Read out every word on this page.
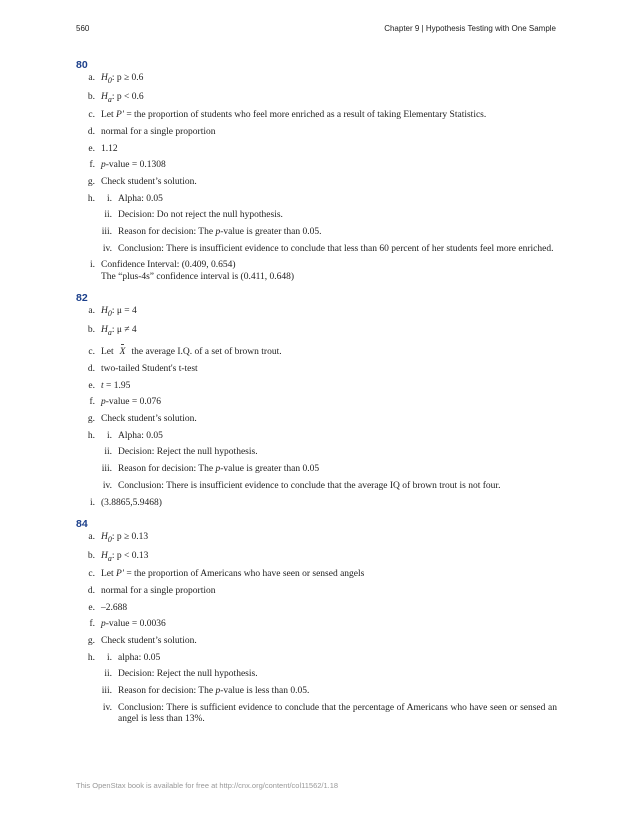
560	Chapter 9 | Hypothesis Testing with One Sample
80
a. $H_0$: p ≥ 0.6
b. $H_a$: p < 0.6
c. Let P′ = the proportion of students who feel more enriched as a result of taking Elementary Statistics.
d. normal for a single proportion
e. 1.12
f. p-value = 0.1308
g. Check student’s solution.
h.	i. Alpha: 0.05
ii. Decision: Do not reject the null hypothesis.
iii. Reason for decision: The p-value is greater than 0.05.
iv. Conclusion: There is insufficient evidence to conclude that less than 60 percent of her students feel more enriched.
i. Confidence Interval: (0.409, 0.654)
The “plus-4s” confidence interval is (0.411, 0.648)
82
a. $H_0$: μ = 4
b. $H_a$: μ ≠ 4
c. Let X the average I.Q. of a set of brown trout.
d. two-tailed Student's t-test
e. t = 1.95
f. p-value = 0.076
g. Check student’s solution.
h.	i. Alpha: 0.05
ii. Decision: Reject the null hypothesis.
iii. Reason for decision: The p-value is greater than 0.05
iv. Conclusion: There is insufficient evidence to conclude that the average IQ of brown trout is not four.
i. (3.8865,5.9468)
84
a. $H_0$: p ≥ 0.13
b. $H_a$: p < 0.13
c. Let P′ = the proportion of Americans who have seen or sensed angels
d. normal for a single proportion
e. –2.688
f. p-value = 0.0036
g. Check student’s solution.
h.	i. alpha: 0.05
ii. Decision: Reject the null hypothesis.
iii. Reason for decision: The p-value is less than 0.05.
iv. Conclusion: There is sufficient evidence to conclude that the percentage of Americans who have seen or sensed an angel is less than 13%.
This OpenStax book is available for free at http://cnx.org/content/col11562/1.18
